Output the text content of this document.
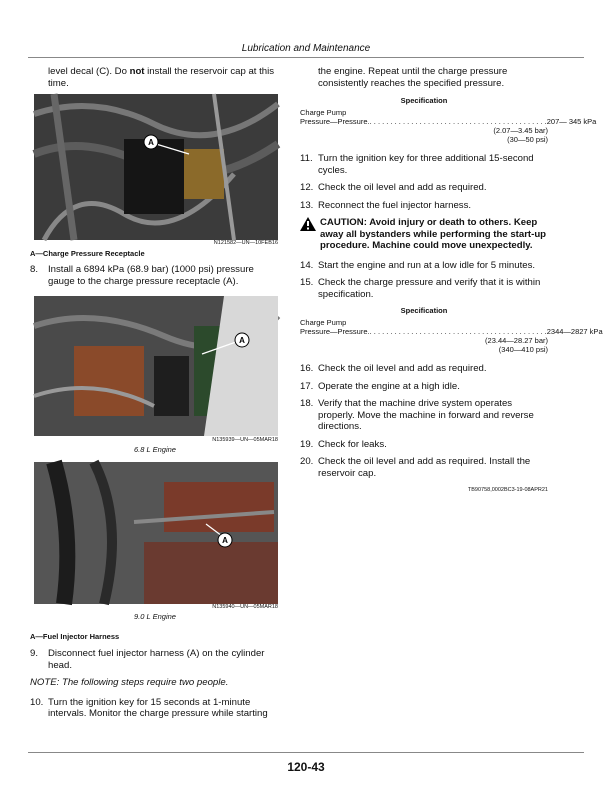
Lubrication and Maintenance

level decal (C). Do not install the reservoir cap at this time.

A
N121582—UN—10FEB16

A—Charge Pressure Receptacle

8.	Install a 6894 kPa (68.9 bar) (1000 psi) pressure gauge to the charge pressure receptacle (A).
A
N135939—UN—05MAR18
6.8 L Engine
A
N135940—UN—05MAR18
9.0 L Engine

A—Fuel Injector Harness

9.	Disconnect fuel injector harness (A) on the cylinder head.

NOTE: The following steps require two people.

10. Turn the ignition key for 15 seconds at 1-minute intervals. Monitor the charge pressure while starting

the engine. Repeat until the charge pressure consistently reaches the specified pressure.

Specification

Charge Pump
Pressure—Pressure. . . . . . . . . . . . . . . . . . . . . . . . . . . . . . . . . . . . . . . . . . . . 207— 345 kPa
(2.07—3.45 bar)
(30—50 psi)
11. Turn the ignition key for three additional 15-second cycles.
12. Check the oil level and add as required.
13. Reconnect the fuel injector harness.
CAUTION: Avoid injury or death to others. Keep away all bystanders while performing the start-up procedure. Machine could move unexpectedly.
14. Start the engine and run at a low idle for 5 minutes.
15. Check the charge pressure and verify that it is within specification.

Specification

Charge Pump
Pressure—Pressure. . . . . . . . . . . . . . . . . . . . . . . . . . . . . . . . . . . . . . . . . . . . 2344—2827 kPa
(23.44—28.27 bar)
(340—410 psi)
16. Check the oil level and add as required.
17. Operate the engine at a high idle.
18. Verify that the machine drive system operates properly. Move the machine in forward and reverse directions.
19. Check for leaks.
20. Check the oil level and add as required. Install the reservoir cap.
TB90758,0002BC3-19-08APR21
120-43
